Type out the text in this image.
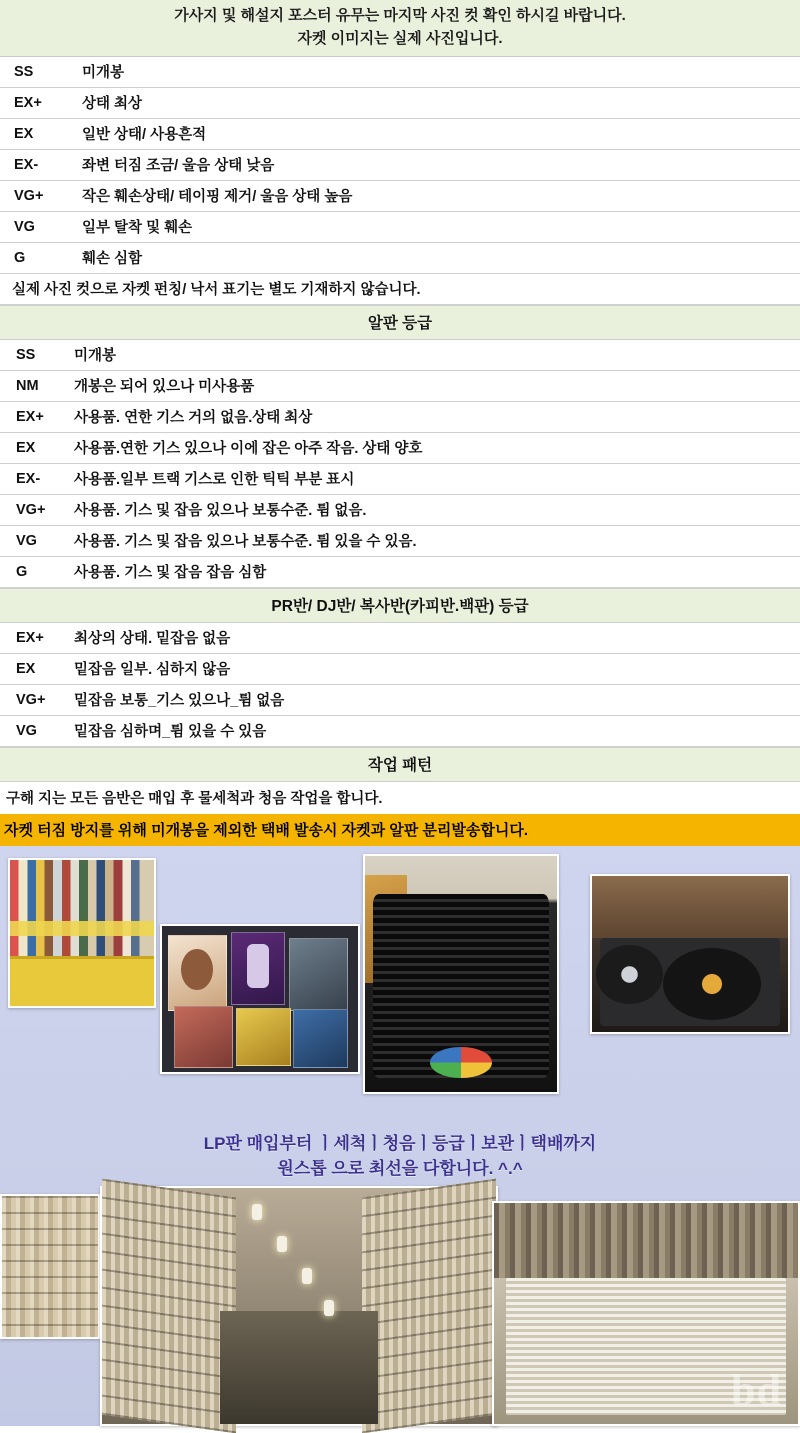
가사지 및 해설지 포스터 유무는 마지막 사진 컷 확인 하시길 바랍니다.
자켓 이미지는 실제 사진입니다.
SS	미개봉
EX+	상태 최상
EX	일반 상태/ 사용흔적
EX-	좌변 터짐 조금/ 울음 상태 낮음
VG+	작은 훼손상태/ 테이핑 제거/ 울음 상태 높음
VG	일부 탈착 및 훼손
G	훼손 심함
실제 사진 컷으로 자켓 펀칭/ 낙서 표기는 별도 기재하지 않습니다.
알판 등급
SS	미개봉
NM	개봉은 되어 있으나 미사용품
EX+	사용품. 연한 기스 거의 없음.상태 최상
EX	사용품.연한 기스 있으나 이에 잡은 아주 작음. 상태 양호
EX-	사용품.일부 트랙 기스로 인한 틱틱 부분 표시
VG+	사용품. 기스 및 잡음 있으나 보통수준. 튐 없음.
VG	사용품. 기스 및 잡음 있으나 보통수준. 튐 있을 수 있음.
G	사용품. 기스 및 잡음 잡음 심함
PR반/ DJ반/ 복사반(카피반.백판) 등급
EX+	최상의 상태. 밑잡음 없음
EX	밑잡음 일부. 심하지 않음
VG+	밑잡음 보통_기스 있으나_튐 없음
VG	밑잡음 심하며_튐 있을 수 있음
작업 패턴
구해 지는 모든 음반은 매입 후 물세척과 청음 작업을 합니다.
자켓 터짐 방지를 위해 미개봉을 제외한 택배 발송시 자켓과 알판 분리발송합니다.
LP판 매입부터 ㅣ세척ㅣ청음ㅣ등급ㅣ보관ㅣ택배까지
원스톱 으로 최선을 다합니다. ^.^
bd
